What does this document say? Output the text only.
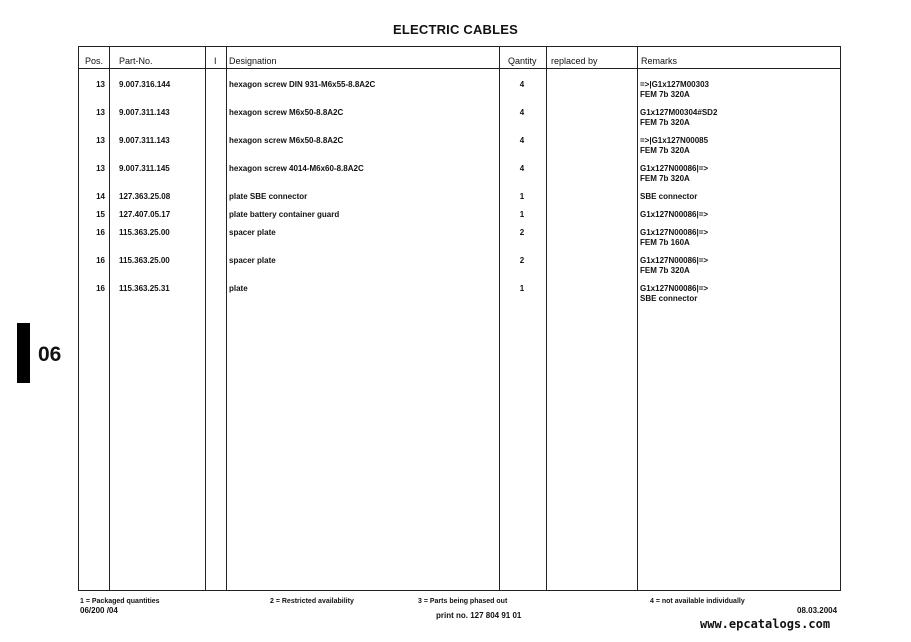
ELECTRIC CABLES
06
Pos. Part-No.	I Designation	Qantity replaced by	Remarks
13 9.007.316.144	hexagon screw DIN 931-M6x55-8.8A2C	4	=>|G1x127M00303
FEM 7b 320A
13 9.007.311.143	hexagon screw M6x50-8.8A2C	4	G1x127M00304#SD2
FEM 7b 320A
13 9.007.311.143	hexagon screw M6x50-8.8A2C	4	=>|G1x127N00085
FEM 7b 320A
13 9.007.311.145	hexagon screw 4014-M6x60-8.8A2C	4	G1x127N00086|=>
FEM 7b 320A
14 127.363.25.08	plate SBE connector	1	SBE connector
15 127.407.05.17	plate battery container guard	1	G1x127N00086|=>
16 115.363.25.00	spacer plate	2	G1x127N00086|=>
FEM 7b 160A
16 115.363.25.00	spacer plate	2	G1x127N00086|=>
FEM 7b 320A
16 115.363.25.31	plate	1	G1x127N00086|=>
SBE connector
1 = Packaged quantities	2 = Restricted availability	3 = Parts being phased out	4 = not available individually
06/200 /04
print no. 127 804 91 01
08.03.2004
www.epcatalogs.com
